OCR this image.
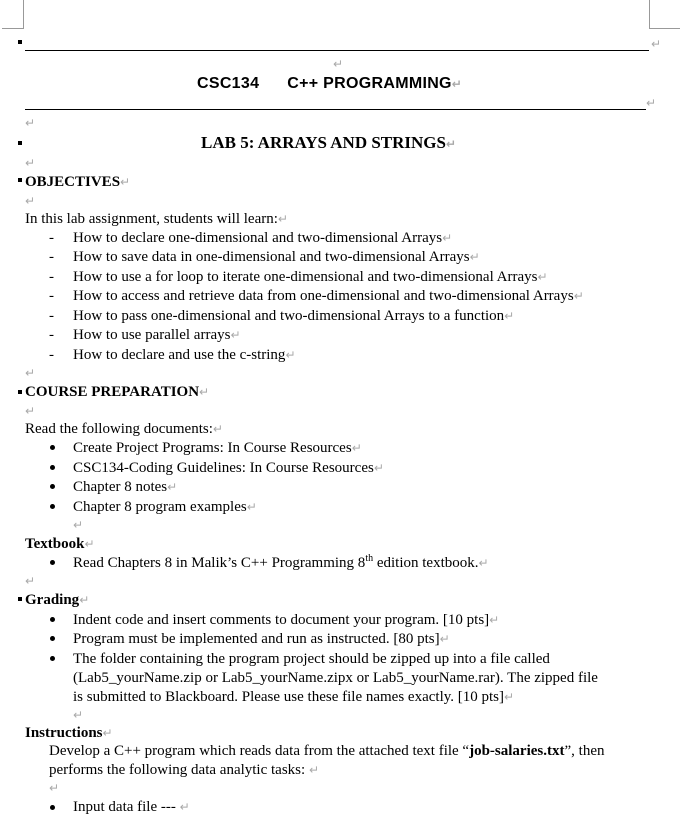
↵
↵
CSC134 C++ PROGRAMMING↵
↵
↵
LAB 5: ARRAYS AND STRINGS↵
↵
OBJECTIVES↵
↵
In this lab assignment, students will learn:↵
- How to declare one-dimensional and two-dimensional Arrays↵
- How to save data in one-dimensional and two-dimensional Arrays↵
- How to use a for loop to iterate one-dimensional and two-dimensional Arrays↵
- How to access and retrieve data from one-dimensional and two-dimensional Arrays↵
- How to pass one-dimensional and two-dimensional Arrays to a function↵
- How to use parallel arrays↵
- How to declare and use the c-string↵
↵
COURSE PREPARATION↵
↵
Read the following documents:↵
Create Project Programs: In Course Resources↵
CSC134-Coding Guidelines: In Course Resources↵
Chapter 8 notes↵
Chapter 8 program examples↵
↵
Textbook↵
Read Chapters 8 in Malik’s C++ Programming 8th edition textbook.↵
↵
Grading↵
Indent code and insert comments to document your program. [10 pts]↵
Program must be implemented and run as instructed. [80 pts]↵
The folder containing the program project should be zipped up into a file called
(Lab5_yourName.zip or Lab5_yourName.zipx or Lab5_yourName.rar). The zipped file
is submitted to Blackboard. Please use these file names exactly. [10 pts]↵
↵
Instructions↵
Develop a C++ program which reads data from the attached text file “job-salaries.txt”, then
performs the following data analytic tasks: ↵
↵
Input data file --- ↵
